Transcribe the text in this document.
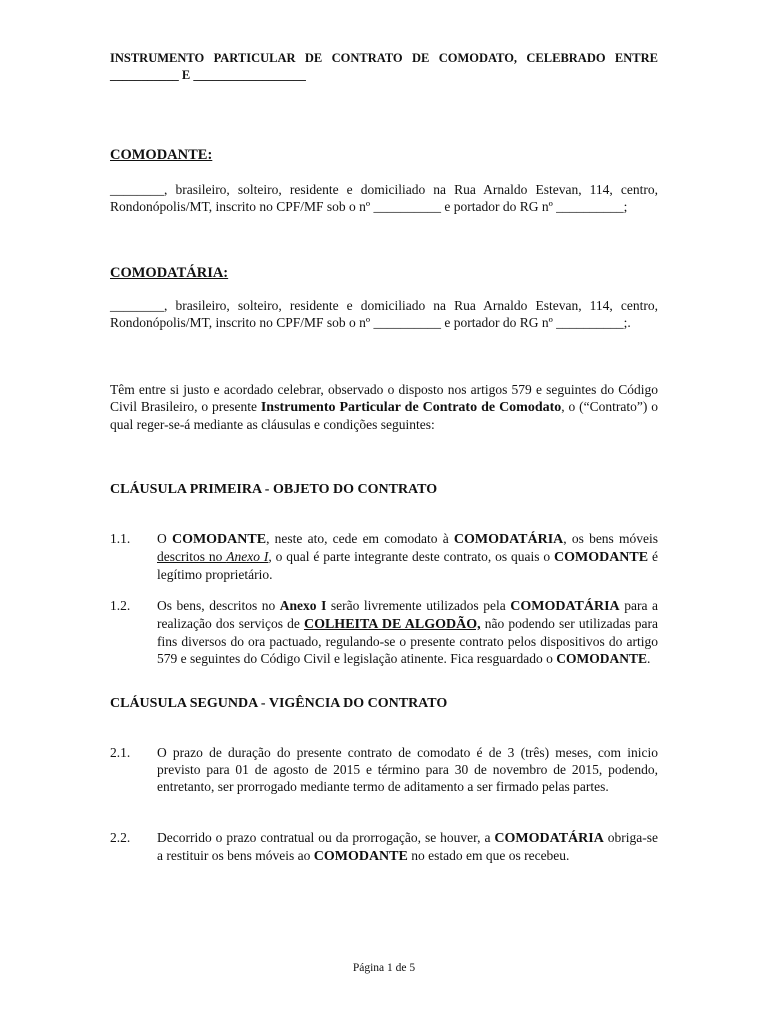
INSTRUMENTO PARTICULAR DE CONTRATO DE COMODATO, CELEBRADO ENTRE
___________ E __________________
COMODANTE:
________, brasileiro, solteiro, residente e domiciliado na Rua Arnaldo Estevan, 114, centro, Rondonópolis/MT, inscrito no CPF/MF sob o nº __________ e portador do RG nº __________;
COMODATÁRIA:
________, brasileiro, solteiro, residente e domiciliado na Rua Arnaldo Estevan, 114, centro, Rondonópolis/MT, inscrito no CPF/MF sob o nº __________ e portador do RG nº __________;.
Têm entre si justo e acordado celebrar, observado o disposto nos artigos 579 e seguintes do Código Civil Brasileiro, o presente Instrumento Particular de Contrato de Comodato, o (“Contrato”) o qual reger-se-á mediante as cláusulas e condições seguintes:
CLÁUSULA PRIMEIRA - OBJETO DO CONTRATO
1.1.	O COMODANTE, neste ato, cede em comodato à COMODATÁRIA, os bens móveis descritos no Anexo I, o qual é parte integrante deste contrato, os quais o COMODANTE é legítimo proprietário.
1.2.	Os bens, descritos no Anexo I serão livremente utilizados pela COMODATÁRIA para a realização dos serviços de COLHEITA DE ALGODÃO, não podendo ser utilizadas para fins diversos do ora pactuado, regulando-se o presente contrato pelos dispositivos do artigo 579 e seguintes do Código Civil e legislação atinente. Fica resguardado o COMODANTE.
CLÁUSULA SEGUNDA - VIGÊNCIA DO CONTRATO
2.1.	O prazo de duração do presente contrato de comodato é de 3 (três) meses, com inicio previsto para 01 de agosto de 2015 e término para 30 de novembro de 2015, podendo, entretanto, ser prorrogado mediante termo de aditamento a ser firmado pelas partes.
2.2.	Decorrido o prazo contratual ou da prorrogação, se houver, a COMODATÁRIA obriga-se a restituir os bens móveis ao COMODANTE no estado em que os recebeu.
Página 1 de 5
